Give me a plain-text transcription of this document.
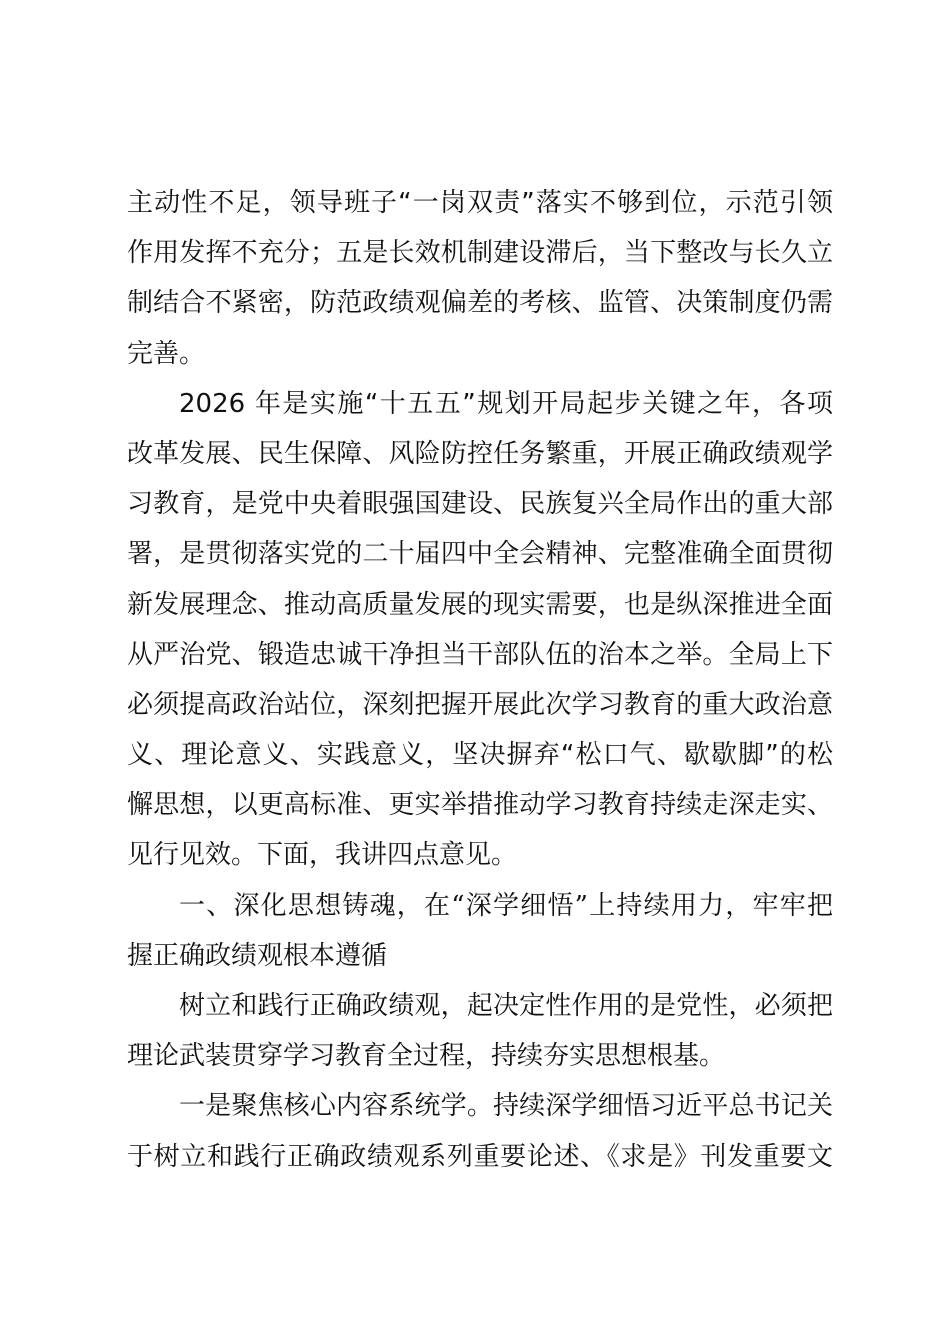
主动性不足，领导班子“一岗双责”落实不够到位，示范引领
作用发挥不充分；五是长效机制建设滞后，当下整改与长久立
制结合不紧密，防范政绩观偏差的考核、监管、决策制度仍需
完善。
2026 年是实施“十五五”规划开局起步关键之年，各项
改革发展、民生保障、风险防控任务繁重，开展正确政绩观学
习教育，是党中央着眼强国建设、民族复兴全局作出的重大部
署，是贯彻落实党的二十届四中全会精神、完整准确全面贯彻
新发展理念、推动高质量发展的现实需要，也是纵深推进全面
从严治党、锻造忠诚干净担当干部队伍的治本之举。全局上下
必须提高政治站位，深刻把握开展此次学习教育的重大政治意
义、理论意义、实践意义，坚决摒弃“松口气、歇歇脚”的松
懈思想，以更高标准、更实举措推动学习教育持续走深走实、
见行见效。下面，我讲四点意见。
一、深化思想铸魂，在“深学细悟”上持续用力，牢牢把
握正确政绩观根本遵循
树立和践行正确政绩观，起决定性作用的是党性，必须把
理论武装贯穿学习教育全过程，持续夯实思想根基。
一是聚焦核心内容系统学。持续深学细悟习近平总书记关
于树立和践行正确政绩观系列重要论述、《求是》刊发重要文
